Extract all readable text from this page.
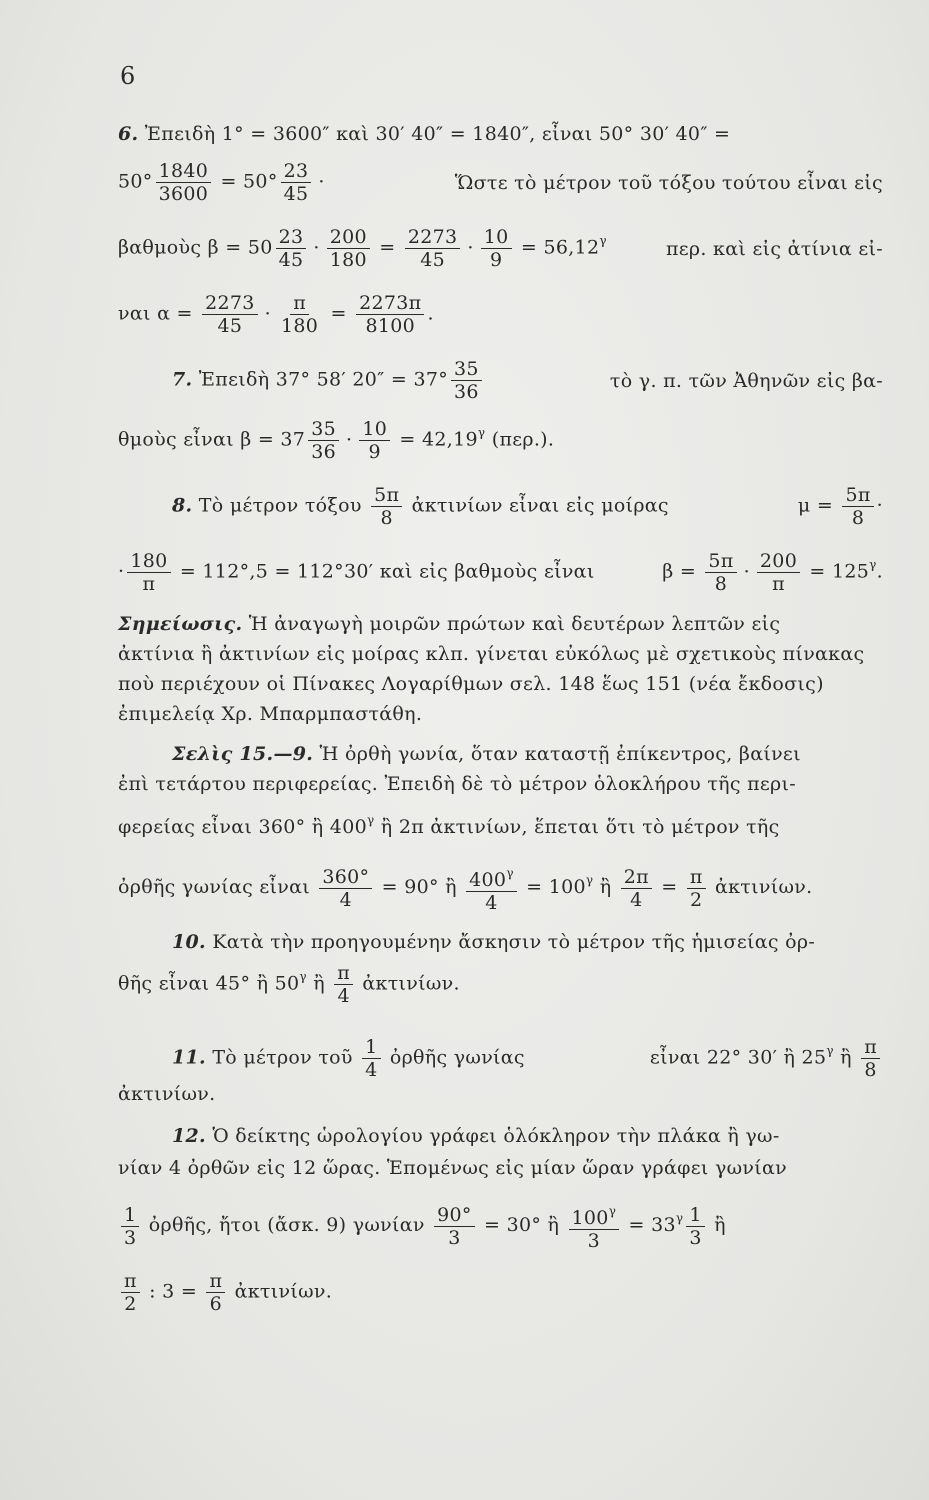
6
6. Ἐπειδὴ 1° = 3600″ καὶ 30′ 40″ = 1840″, εἶναι 50° 30′ 40″ =
$50^\circ \frac{1840}{3600} = 50^\circ \frac{23}{45}$ ·	Ὥστε τὸ μέτρον τοῦ τόξου τούτου εἶναι εἰς
βαθμοὺς $\beta = 50 \frac{23}{45} \cdot \frac{200}{180} = \frac{2273}{45} \cdot \frac{10}{9} = 56,12^\gamma$	περ. καὶ εἰς ἀτίνια εἰ-
ναι $\alpha = \frac{2273}{45} \cdot \frac{\pi}{180} = \frac{2273\pi}{8100}$ .
7. Ἐπειδὴ 37° 58′ $20'' = 37^\circ \frac{35}{36}$	τὸ γ. π. τῶν Ἀθηνῶν εἰς βα-
θμοὺς εἶναι $\beta = 37 \frac{35}{36} \cdot \frac{10}{9} = 42,19^\gamma$ (περ.).
8. Τὸ μέτρον τόξου $\frac{5\pi}{8}$ ἀκτινίων εἶναι εἰς μοίρας	$\mu = \frac{5\pi}{8}$ ·
· $\frac{180}{\pi} = 112^\circ,5 = 112^\circ 30'$ καὶ εἰς βαθμοὺς εἶναι	$\beta = \frac{5\pi}{8} \cdot \frac{200}{\pi} = 125^\gamma$.
Σημείωσις. Ἡ ἀναγωγὴ μοιρῶν πρώτων καὶ δευτέρων λεπτῶν εἰς
ἀκτίνια ἢ ἀκτινίων εἰς μοίρας κλπ. γίνεται εὐκόλως μὲ σχετικοὺς πίνακας
ποὺ περιέχουν οἱ Πίνακες Λογαρίθμων σελ. 148 ἕως 151 (νέα ἔκδοσις)
ἐπιμελείᾳ Χρ. Μπαρμπαστάθη.
Σελὶς 15.—9. Ἡ ὀρθὴ γωνία, ὅταν καταστῇ ἐπίκεντρος, βαίνει
ἐπὶ τετάρτου περιφερείας. Ἐπειδὴ δὲ τὸ μέτρον ὁλοκλήρου τῆς περι-
φερείας εἶναι 360° ἢ $400^\gamma$ ἢ 2π ἀκτινίων, ἕπεται ὅτι τὸ μέτρον τῆς
ὀρθῆς γωνίας εἶναι $\frac{360^\circ}{4} = 90^\circ$ ἢ $\frac{400^\gamma}{4} = 100^\gamma$ ἢ $\frac{2\pi}{4} = \frac{\pi}{2}$ ἀκτινίων.
10. Κατὰ τὴν προηγουμένην ἄσκησιν τὸ μέτρον τῆς ἡμισείας ὀρ-
θῆς εἶναι 45° ἢ $50^\gamma$ ἢ $\frac{\pi}{4}$ ἀκτινίων.
11. Τὸ μέτρον τοῦ $\frac{1}{4}$ ὀρθῆς γωνίας	εἶναι 22° 30′ ἢ $25^\gamma$ ἢ $\frac{\pi}{8}$
ἀκτινίων.
12. Ὁ δείκτης ὡρολογίου γράφει ὁλόκληρον τὴν πλάκα ἢ γω-
νίαν 4 ὀρθῶν εἰς 12 ὥρας. Ἑπομένως εἰς μίαν ὥραν γράφει γωνίαν
$\frac{1}{3}$ ὀρθῆς, ἤτοι (ἄσκ. 9) γωνίαν $\frac{90^\circ}{3} = 30^\circ$ ἢ $\frac{100^\gamma}{3} = 33^\gamma \frac{1}{3}$ ἢ
$\frac{\pi}{2}$ : $3 = \frac{\pi}{6}$ ἀκτινίων.
